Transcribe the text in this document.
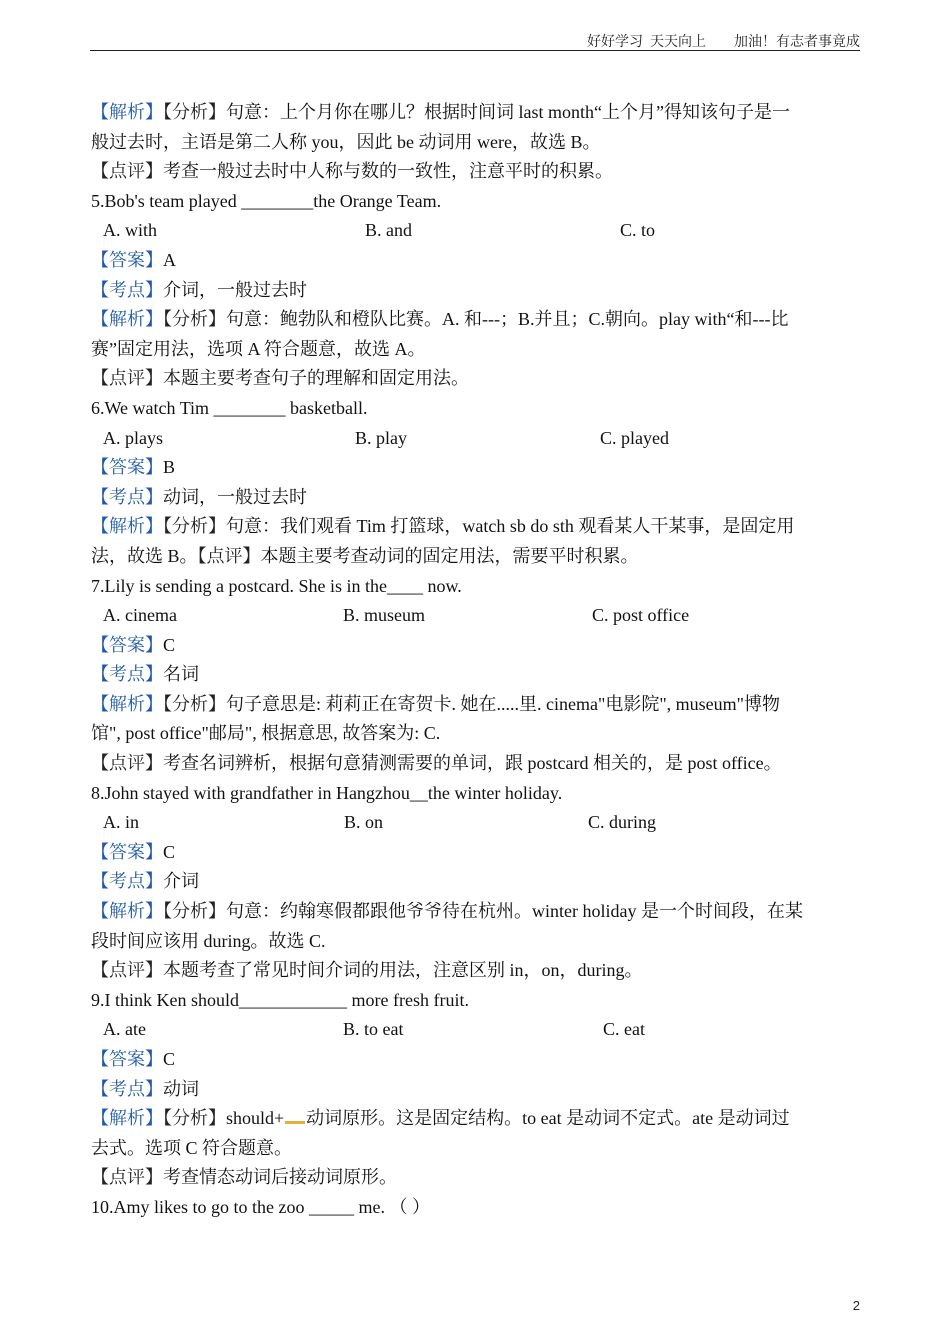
好好学习  天天向上        加油！有志者事竟成
【解析】【分析】句意：上个月你在哪儿？根据时间词 last month“上个月”得知该句子是一
般过去时，主语是第二人称 you，因此 be 动词用 were，故选 B。
【点评】考查一般过去时中人称与数的一致性，注意平时的积累。
5.Bob's team played ________the Orange Team.
A. with	B. and	C. to
【答案】A
【考点】介词，一般过去时
【解析】【分析】句意：鲍勃队和橙队比赛。A. 和---；B.并且；C.朝向。play with“和---比
赛”固定用法，选项 A 符合题意，故选 A。
【点评】本题主要考查句子的理解和固定用法。
6.We watch Tim ________ basketball.
A. plays	B. play	C. played
【答案】B
【考点】动词，一般过去时
【解析】【分析】句意：我们观看 Tim 打篮球，watch sb do sth 观看某人干某事，是固定用
法，故选 B。【点评】本题主要考查动词的固定用法，需要平时积累。
7.Lily is sending a postcard. She is in the____ now.
A. cinema	B. museum	C. post office
【答案】C
【考点】名词
【解析】【分析】句子意思是: 莉莉正在寄贺卡. 她在.....里. cinema"电影院", museum"博物
馆", post office"邮局", 根据意思, 故答案为: C.
【点评】考查名词辨析，根据句意猜测需要的单词，跟 postcard 相关的，是 post office。
8.John stayed with grandfather in Hangzhou__the winter holiday.
A. in	B. on	C. during
【答案】C
【考点】介词
【解析】【分析】句意：约翰寒假都跟他爷爷待在杭州。winter holiday 是一个时间段，在某
段时间应该用 during。故选 C.
【点评】本题考查了常见时间介词的用法，注意区别 in，on，during。
9.I think Ken should____________ more fresh fruit.
A. ate	B. to eat	C. eat
【答案】C
【考点】动词
【解析】【分析】should+ 动词原形。这是固定结构。to eat 是动词不定式。ate 是动词过
去式。选项 C 符合题意。
【点评】考查情态动词后接动词原形。
10.Amy likes to go to the zoo _____ me. （ ）
2
